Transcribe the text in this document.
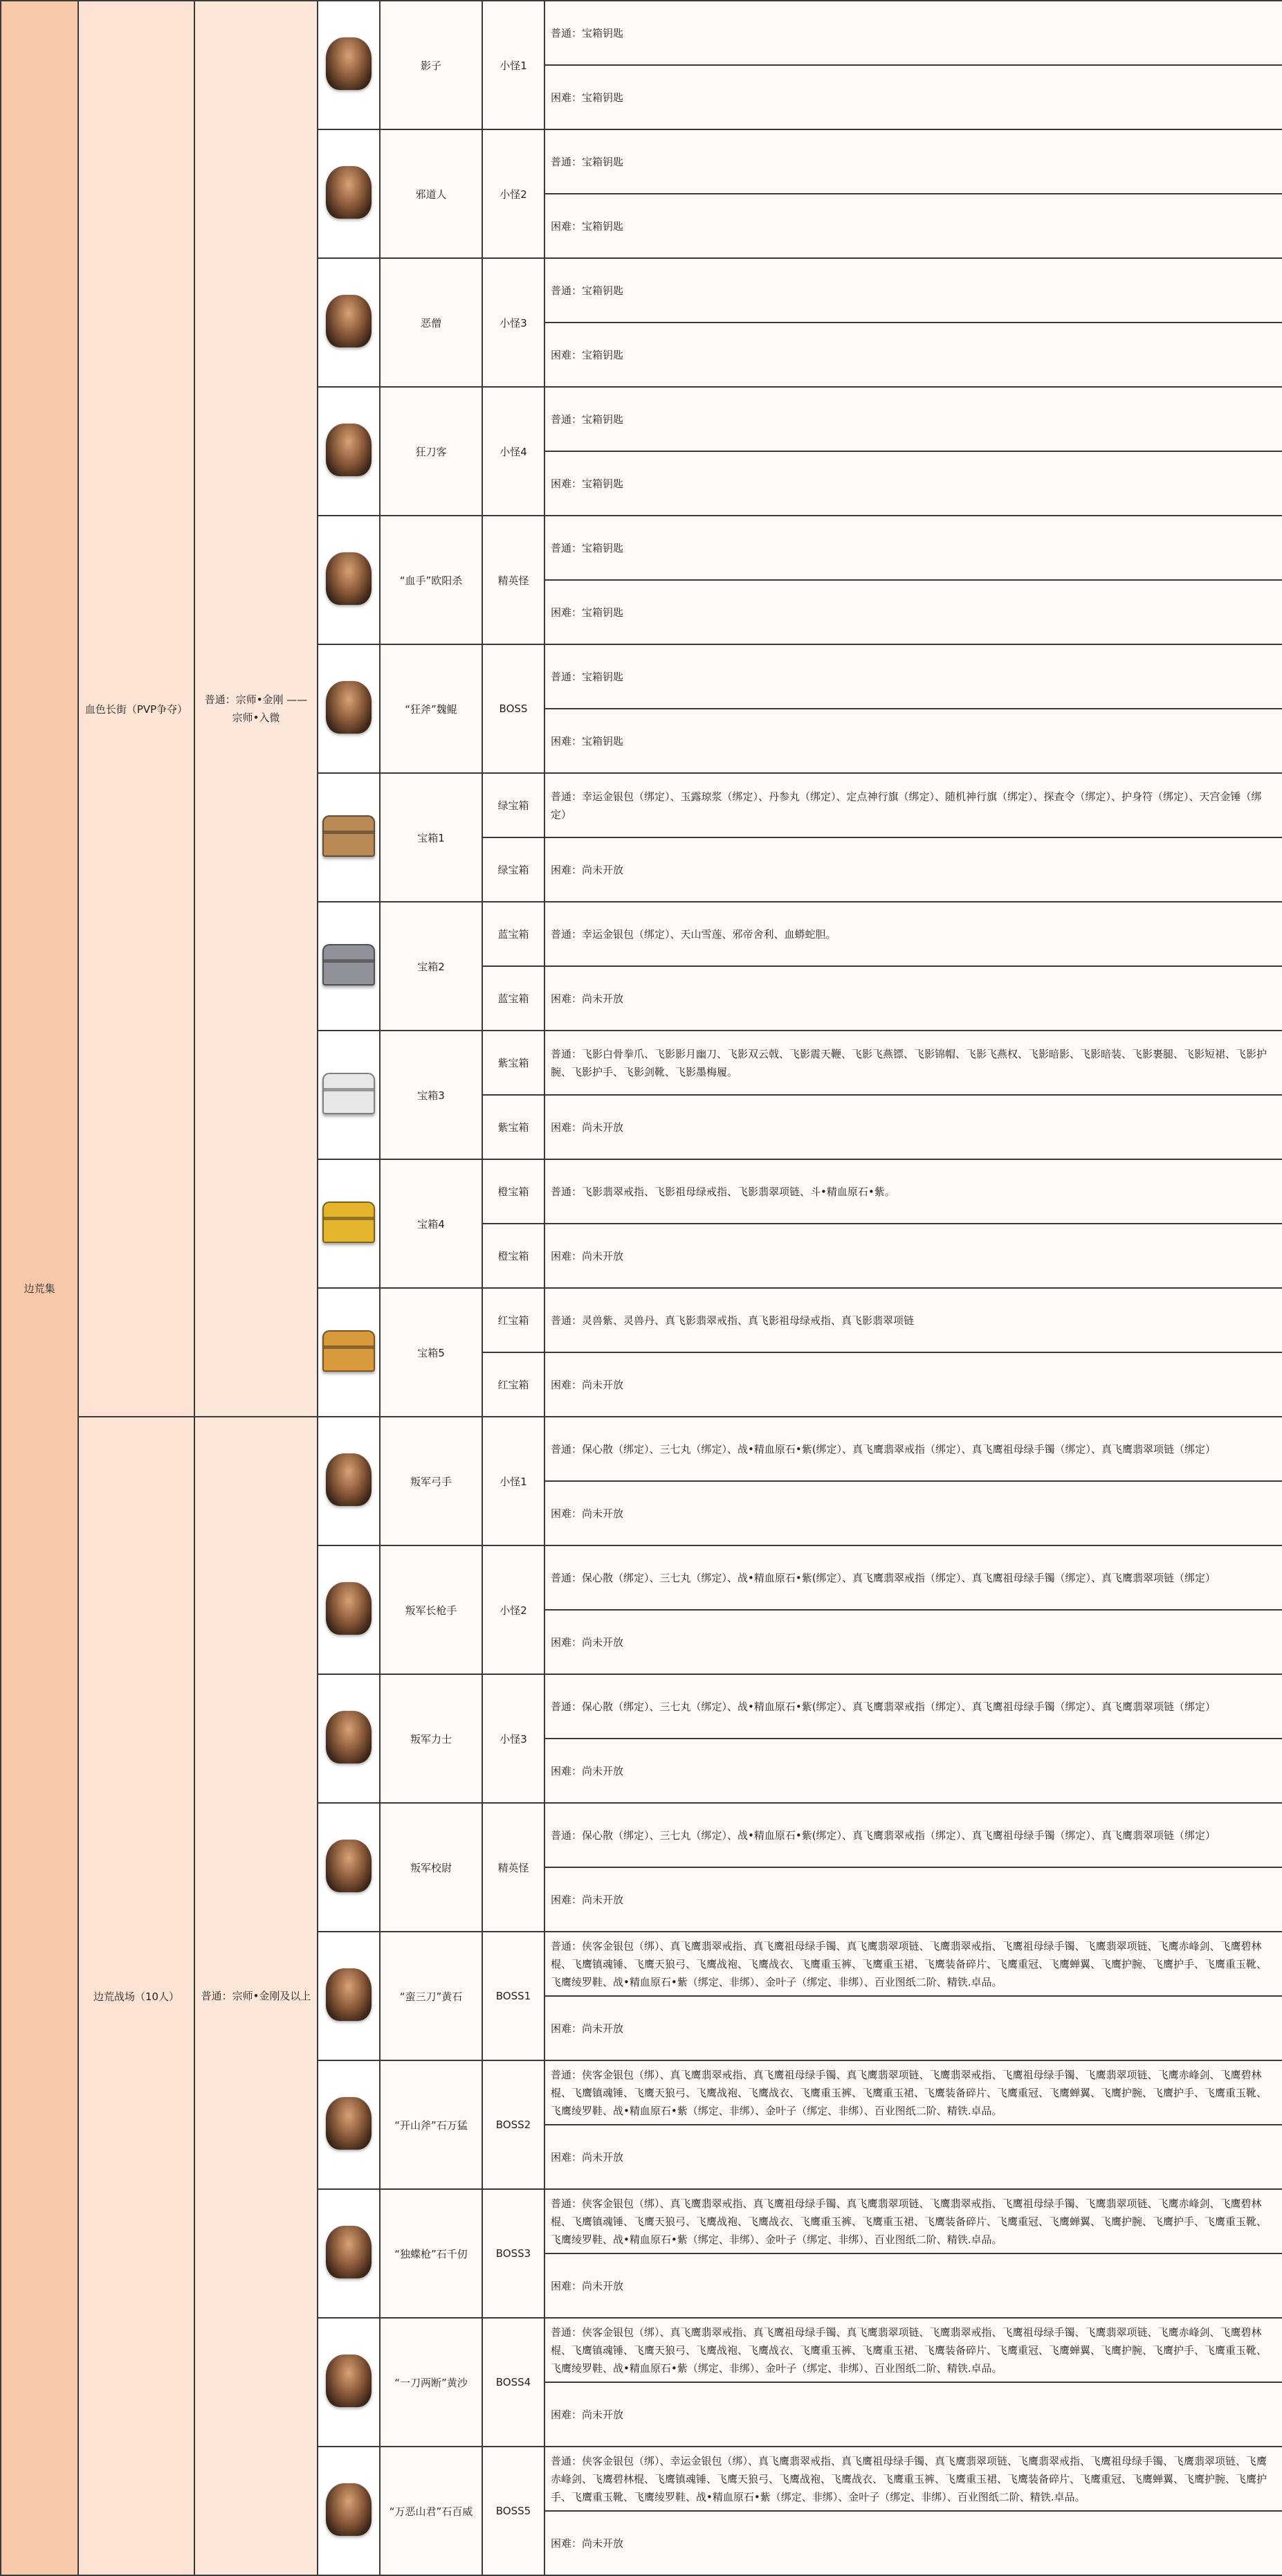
边荒集	血色长街（PVP争夺）	普通：宗师•金刚 —— 宗师•入微		影子	小怪1	普通：宝箱钥匙
						困难：宝箱钥匙
				邪道人	小怪2	普通：宝箱钥匙
						困难：宝箱钥匙
				恶僧	小怪3	普通：宝箱钥匙
						困难：宝箱钥匙
				狂刀客	小怪4	普通：宝箱钥匙
						困难：宝箱钥匙
				“血手”欧阳杀	精英怪	普通：宝箱钥匙
						困难：宝箱钥匙
				“狂斧”魏鲲	BOSS	普通：宝箱钥匙
						困难：宝箱钥匙
				宝箱1	绿宝箱	普通：幸运金银包（绑定）、玉露琼浆（绑定）、丹参丸（绑定）、定点神行旗（绑定）、随机神行旗（绑定）、探查令（绑定）、护身符（绑定）、天宫金锤（绑定）
					绿宝箱	困难：尚未开放
				宝箱2	蓝宝箱	普通：幸运金银包（绑定）、天山雪莲、邪帝舍利、血蟒蛇胆。
					蓝宝箱	困难：尚未开放
				宝箱3	紫宝箱	普通：飞影白骨拳爪、飞影影月幽刀、飞影双云戟、飞影震天鞭、飞影飞燕镖、飞影锦帽、飞影飞燕权、飞影暗影、飞影暗装、飞影裹腿、飞影短裙、飞影护腕、飞影护手、飞影剑靴、飞影墨梅履。
					紫宝箱	困难：尚未开放
				宝箱4	橙宝箱	普通：飞影翡翠戒指、飞影祖母绿戒指、飞影翡翠项链、斗•精血原石•紫。
					橙宝箱	困难：尚未开放
				宝箱5	红宝箱	普通：灵兽紫、灵兽丹、真飞影翡翠戒指、真飞影祖母绿戒指、真飞影翡翠项链
					红宝箱	困难：尚未开放
	边荒战场（10人）	普通：宗师•金刚及以上		叛军弓手	小怪1	普通：保心散（绑定）、三七丸（绑定）、战•精血原石•紫(绑定）、真飞鹰翡翠戒指（绑定）、真飞鹰祖母绿手镯（绑定）、真飞鹰翡翠项链（绑定）
						困难：尚未开放
				叛军长枪手	小怪2	普通：保心散（绑定）、三七丸（绑定）、战•精血原石•紫(绑定）、真飞鹰翡翠戒指（绑定）、真飞鹰祖母绿手镯（绑定）、真飞鹰翡翠项链（绑定）
						困难：尚未开放
				叛军力士	小怪3	普通：保心散（绑定）、三七丸（绑定）、战•精血原石•紫(绑定）、真飞鹰翡翠戒指（绑定）、真飞鹰祖母绿手镯（绑定）、真飞鹰翡翠项链（绑定）
						困难：尚未开放
				叛军校尉	精英怪	普通：保心散（绑定）、三七丸（绑定）、战•精血原石•紫(绑定）、真飞鹰翡翠戒指（绑定）、真飞鹰祖母绿手镯（绑定）、真飞鹰翡翠项链（绑定）
						困难：尚未开放
				“蛮三刀”黄石	BOSS1	普通：侠客金银包（绑）、真飞鹰翡翠戒指、真飞鹰祖母绿手镯、真飞鹰翡翠项链、飞鹰翡翠戒指、飞鹰祖母绿手镯、飞鹰翡翠项链、飞鹰赤峰剑、飞鹰碧林棍、飞鹰镇魂锤、飞鹰天狼弓、飞鹰战袍、飞鹰战衣、飞鹰重玉裤、飞鹰重玉裙、飞鹰装备碎片、飞鹰重冠、飞鹰蝉翼、飞鹰护腕、飞鹰护手、飞鹰重玉靴、飞鹰绫罗鞋、战•精血原石•紫（绑定、非绑）、金叶子（绑定、非绑）、百业图纸二阶、精铁.卓品。
						困难：尚未开放
				“开山斧”石万猛	BOSS2	普通：侠客金银包（绑）、真飞鹰翡翠戒指、真飞鹰祖母绿手镯、真飞鹰翡翠项链、飞鹰翡翠戒指、飞鹰祖母绿手镯、飞鹰翡翠项链、飞鹰赤峰剑、飞鹰碧林棍、飞鹰镇魂锤、飞鹰天狼弓、飞鹰战袍、飞鹰战衣、飞鹰重玉裤、飞鹰重玉裙、飞鹰装备碎片、飞鹰重冠、飞鹰蝉翼、飞鹰护腕、飞鹰护手、飞鹰重玉靴、飞鹰绫罗鞋、战•精血原石•紫（绑定、非绑）、金叶子（绑定、非绑）、百业图纸二阶、精铁.卓品。
						困难：尚未开放
				“独蝶枪”石千仞	BOSS3	普通：侠客金银包（绑）、真飞鹰翡翠戒指、真飞鹰祖母绿手镯、真飞鹰翡翠项链、飞鹰翡翠戒指、飞鹰祖母绿手镯、飞鹰翡翠项链、飞鹰赤峰剑、飞鹰碧林棍、飞鹰镇魂锤、飞鹰天狼弓、飞鹰战袍、飞鹰战衣、飞鹰重玉裤、飞鹰重玉裙、飞鹰装备碎片、飞鹰重冠、飞鹰蝉翼、飞鹰护腕、飞鹰护手、飞鹰重玉靴、飞鹰绫罗鞋、战•精血原石•紫（绑定、非绑）、金叶子（绑定、非绑）、百业图纸二阶、精铁.卓品。
						困难：尚未开放
				“一刀两断”黄沙	BOSS4	普通：侠客金银包（绑）、真飞鹰翡翠戒指、真飞鹰祖母绿手镯、真飞鹰翡翠项链、飞鹰翡翠戒指、飞鹰祖母绿手镯、飞鹰翡翠项链、飞鹰赤峰剑、飞鹰碧林棍、飞鹰镇魂锤、飞鹰天狼弓、飞鹰战袍、飞鹰战衣、飞鹰重玉裤、飞鹰重玉裙、飞鹰装备碎片、飞鹰重冠、飞鹰蝉翼、飞鹰护腕、飞鹰护手、飞鹰重玉靴、飞鹰绫罗鞋、战•精血原石•紫（绑定、非绑）、金叶子（绑定、非绑）、百业图纸二阶、精铁.卓品。
						困难：尚未开放
				“万恶山君”石百威	BOSS5	普通：侠客金银包（绑）、幸运金银包（绑）、真飞鹰翡翠戒指、真飞鹰祖母绿手镯、真飞鹰翡翠项链、飞鹰翡翠戒指、飞鹰祖母绿手镯、飞鹰翡翠项链、飞鹰赤峰剑、飞鹰碧林棍、飞鹰镇魂锤、飞鹰天狼弓、飞鹰战袍、飞鹰战衣、飞鹰重玉裤、飞鹰重玉裙、飞鹰装备碎片、飞鹰重冠、飞鹰蝉翼、飞鹰护腕、飞鹰护手、飞鹰重玉靴、飞鹰绫罗鞋、战•精血原石•紫（绑定、非绑）、金叶子（绑定、非绑）、百业图纸二阶、精铁.卓品。
						困难：尚未开放
